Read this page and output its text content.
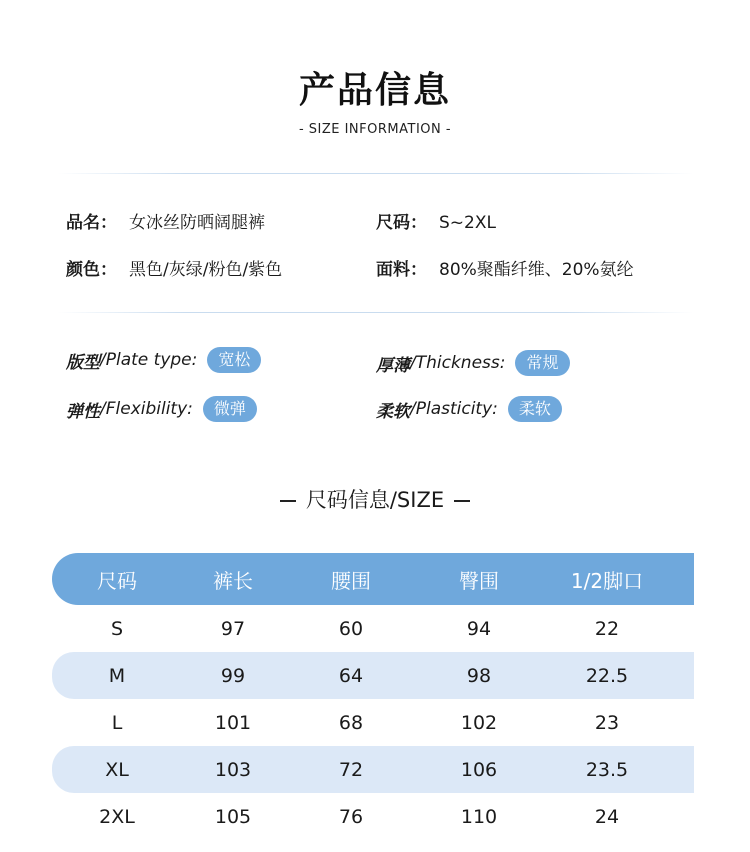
产品信息
- SIZE INFORMATION -
品名： 女冰丝防晒阔腿裤	尺码： S~2XL
颜色： 黑色/灰绿/粉色/紫色	面料： 80%聚酯纤维、20%氨纶
版型 /Plate type:	宽松	厚薄 /Thickness:	常规
弹性 /Flexibility:	微弹	柔软 /Plasticity:	柔软
尺码信息/SIZE
尺码	裤长	腰围	臀围	1/2脚口
S	97	60	94	22
M	99	64	98	22.5
L	101	68	102	23
XL	103	72	106	23.5
2XL	105	76	110	24
